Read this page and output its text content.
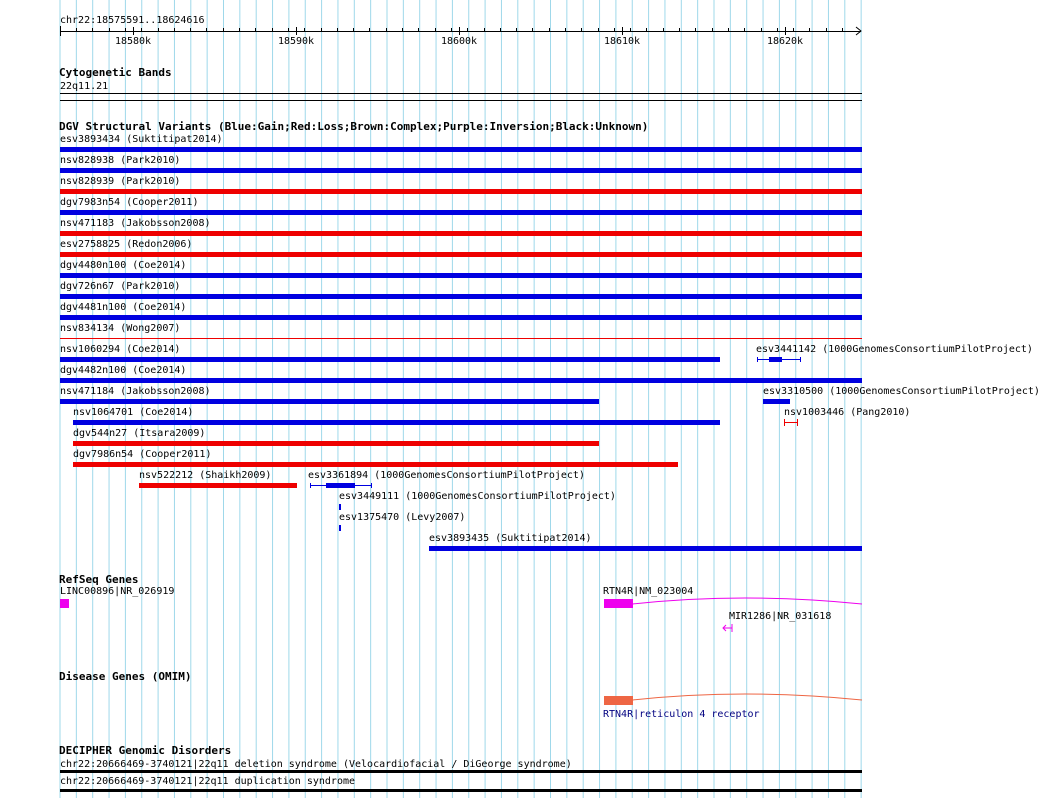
chr22:18575591..18624616
18580k	18590k	18600k	18610k	18620k
Cytogenetic Bands
22q11.21
DGV Structural Variants (Blue:Gain;Red:Loss;Brown:Complex;Purple:Inversion;Black:Unknown)
esv3893434 (Suktitipat2014)
nsv828938 (Park2010)
nsv828939 (Park2010)
dgv7983n54 (Cooper2011)
nsv471183 (Jakobsson2008)
esv2758825 (Redon2006)
dgv4480n100 (Coe2014)
dgv726n67 (Park2010)
dgv4481n100 (Coe2014)
nsv834134 (Wong2007)
nsv1060294 (Coe2014)	esv3441142 (1000GenomesConsortiumPilotProject)
dgv4482n100 (Coe2014)
nsv471184 (Jakobsson2008)	esv3310500 (1000GenomesConsortiumPilotProject)
nsv1064701 (Coe2014)	nsv1003446 (Pang2010)
dgv544n27 (Itsara2009)
dgv7986n54 (Cooper2011)
nsv522212 (Shaikh2009)	esv3361894 (1000GenomesConsortiumPilotProject)
esv3449111 (1000GenomesConsortiumPilotProject)
esv1375470 (Levy2007)
esv3893435 (Suktitipat2014)
RefSeq Genes
LINC00896|NR_026919	RTN4R|NM_023004
MIR1286|NR_031618
Disease Genes (OMIM)
RTN4R|reticulon 4 receptor
DECIPHER Genomic Disorders
chr22:20666469-3740121|22q11 deletion syndrome (Velocardiofacial / DiGeorge syndrome)
chr22:20666469-3740121|22q11 duplication syndrome
